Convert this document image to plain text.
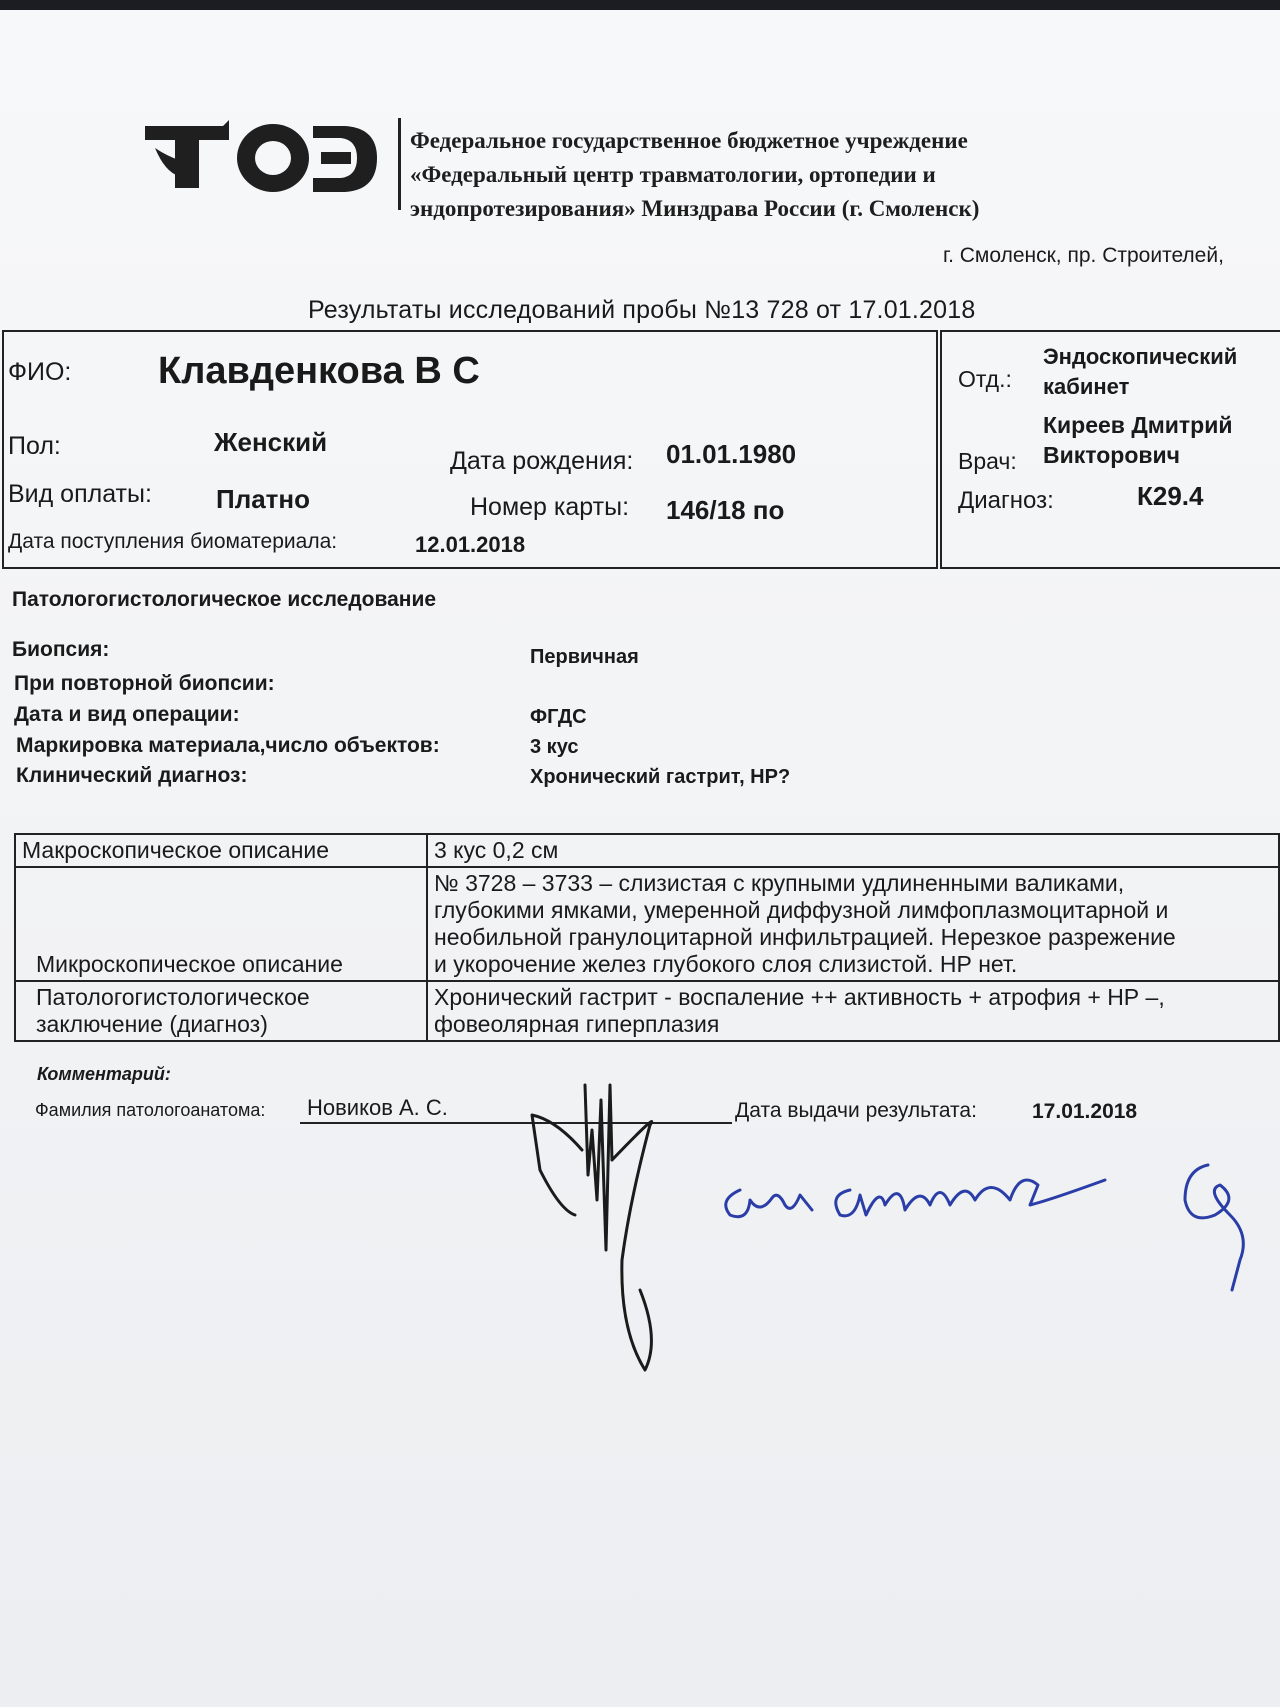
Федеральное государственное бюджетное учреждение
«Федеральный центр травматологии, ортопедии и
эндопротезирования» Минздрава России (г. Смоленск)
г. Смоленск, пр. Строителей,
Результаты исследований пробы №13 728 от 17.01.2018
ФИО: Клавденкова В С
Пол:	Женский
Дата рождения: 01.01.1980
Вид оплаты: Платно	Номер карты: 146/18 по
Дата поступления биоматериала:	12.01.2018
Отд.:
Эндоскопический
кабинет
Врач:
Киреев Дмитрий
Викторович
Диагноз:	К29.4
Патологогистологическое исследование
Биопсия:	Первичная
При повторной биопсии:
Дата и вид операции:	ФГДС
Маркировка материала,число объектов:	3 кус
Клинический диагноз:	Хронический гастрит, НР?
Макроскопическое описание	3 кус 0,2 см
Микроскопическое описание	№ 3728 – 3733 – слизистая с крупными удлиненными валиками,
глубокими ямками, умеренной диффузной лимфоплазмоцитарной и
необильной гранулоцитарной инфильтрацией. Нерезкое разрежение
и укорочение желез глубокого слоя слизистой. НР нет.
Патологогистологическое
заключение (диагноз)	Хронический гастрит - воспаление ++ активность + атрофия + НР –,
фовеолярная гиперплазия
Комментарий:
Фамилия патологоанатома: Новиков А. С.	Дата выдачи результата:	17.01.2018
